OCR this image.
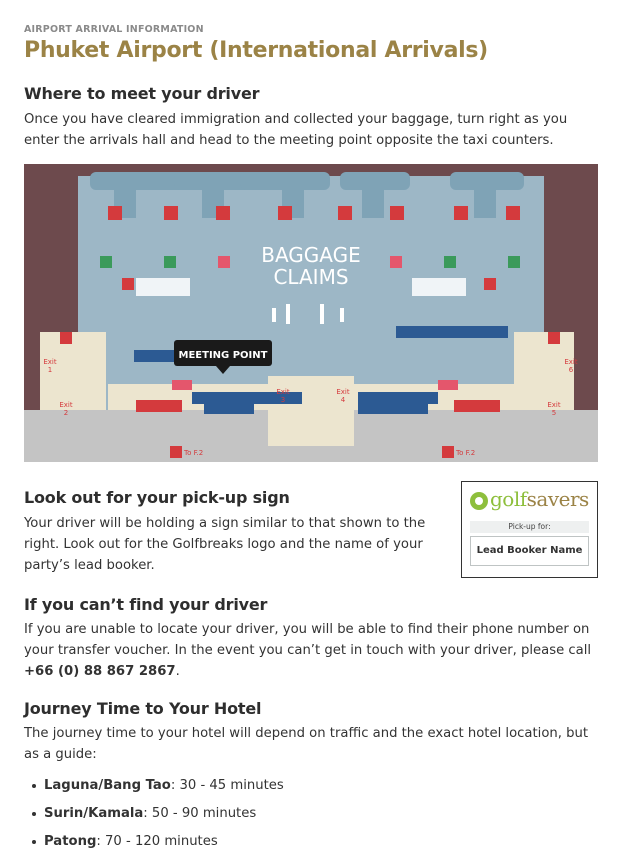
AIRPORT ARRIVAL INFORMATION
Phuket Airport (International Arrivals)
Where to meet your driver

Once you have cleared immigration and collected your baggage, turn right as you enter the arrivals hall and head to the meeting point opposite the taxi counters.

BAGGAGE
CLAIMS
Exit
1
Exit
2
Exit
3
Exit
4
Exit
5
Exit
6
MEETING POINT
To F.2	To F.2
Look out for your pick-up sign

Your driver will be holding a sign similar to that shown to the right. Look out for the Golfbreaks logo and the name of your party’s lead booker.

golfsavers
Pick-up for:
Lead Booker Name
If you can’t find your driver

If you are unable to locate your driver, you will be able to find their phone number on your transfer voucher. In the event you can’t get in touch with your driver, please call +66 (0) 88 867 2867.

Journey Time to Your Hotel

The journey time to your hotel will depend on traffic and the exact hotel location, but as a guide:

Laguna/Bang Tao: 30 - 45 minutes
Surin/Kamala: 50 - 90 minutes
Patong: 70 - 120 minutes
